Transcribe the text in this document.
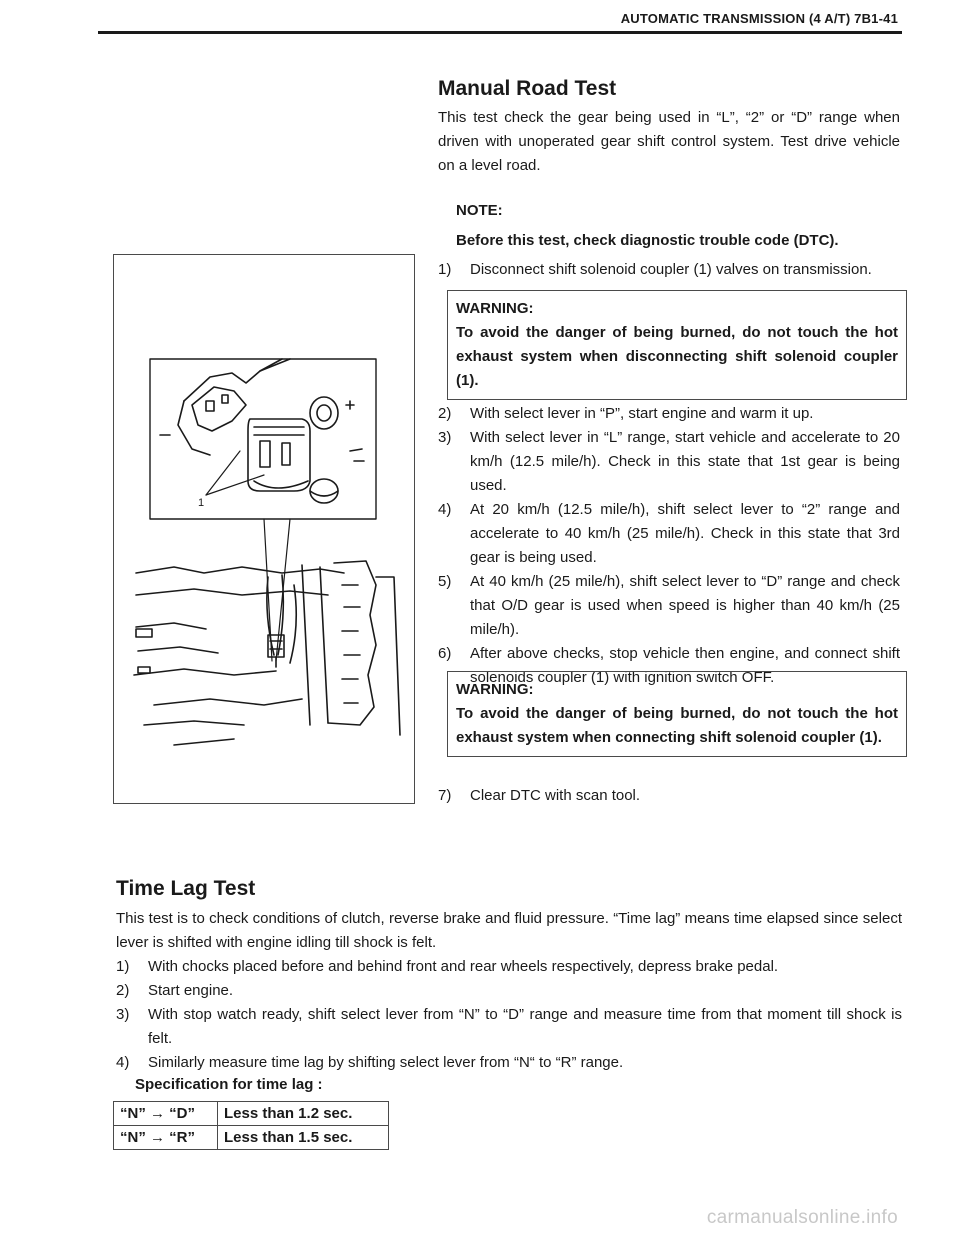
AUTOMATIC TRANSMISSION (4 A/T) 7B1-41
Manual Road Test

This test check the gear being used in “L”, “2” or “D” range when driven with unoperated gear shift control system. Test drive vehicle on a level road.

NOTE:
Before this test, check diagnostic trouble code (DTC).
1) Disconnect shift solenoid coupler (1) valves on transmission.
WARNING:
To avoid the danger of being burned, do not touch the hot exhaust system when disconnecting shift solenoid coupler (1).
2) With select lever in “P”, start engine and warm it up.
3) With select lever in “L” range, start vehicle and accelerate to 20 km/h (12.5 mile/h). Check in this state that 1st gear is being used.
4) At 20 km/h (12.5 mile/h), shift select lever to “2” range and accelerate to 40 km/h (25 mile/h). Check in this state that 3rd gear is being used.
5) At 40 km/h (25 mile/h), shift select lever to “D” range and check that O/D gear is used when speed is higher than 40 km/h (25 mile/h).
6) After above checks, stop vehicle then engine, and connect shift solenoids coupler (1) with ignition switch OFF.
WARNING:
To avoid the danger of being burned, do not touch the hot exhaust system when connecting shift solenoid coupler (1).
7) Clear DTC with scan tool.
1
Time Lag Test

This test is to check conditions of clutch, reverse brake and fluid pressure. “Time lag” means time elapsed since select lever is shifted with engine idling till shock is felt.

1) With chocks placed before and behind front and rear wheels respectively, depress brake pedal.
2) Start engine.
3) With stop watch ready, shift select lever from “N” to “D” range and measure time from that moment till shock is felt.
4) Similarly measure time lag by shifting select lever from “N“ to “R” range.
Specification for time lag :
“N” → “D”	Less than 1.2 sec.
“N” → “R”	Less than 1.5 sec.
carmanualsonline.info
